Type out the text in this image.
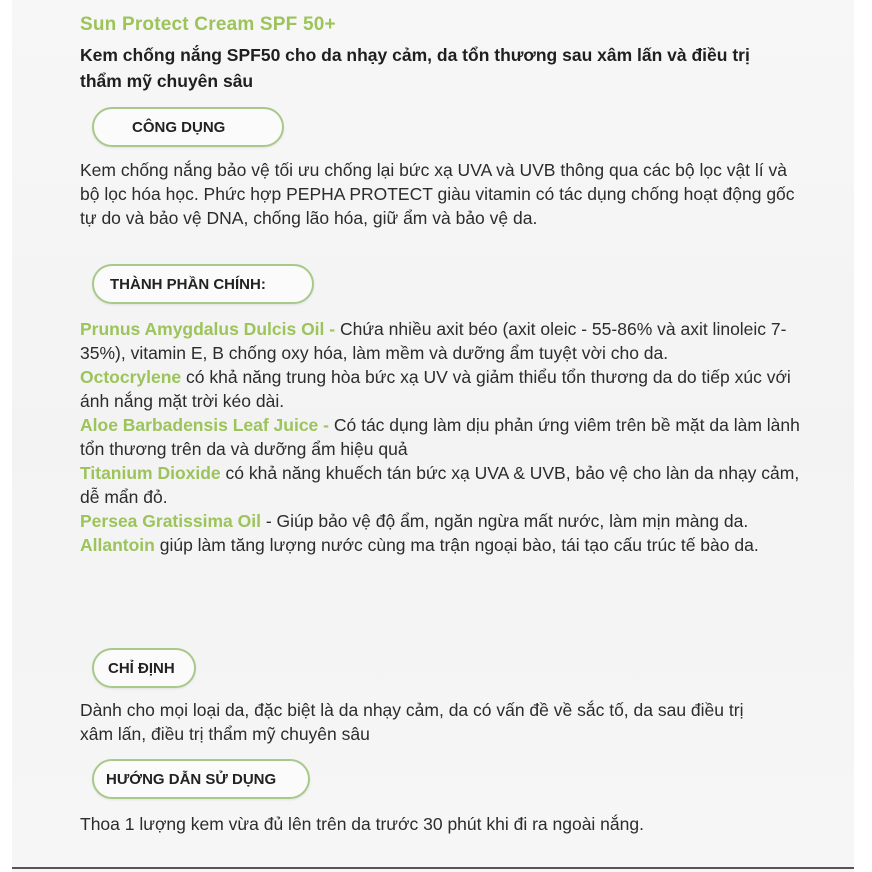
Sun Protect Cream SPF 50+
Kem chống nắng SPF50 cho da nhạy cảm, da tổn thương sau xâm lấn và điều trị thẩm mỹ chuyên sâu
CÔNG DỤNG
Kem chống nắng bảo vệ tối ưu chống lại bức xạ UVA và UVB thông qua các bộ lọc vật lí và bộ lọc hóa học. Phức hợp PEPHA PROTECT giàu vitamin có tác dụng chống hoạt động gốc tự do và bảo vệ DNA, chống lão hóa, giữ ẩm và bảo vệ da.
THÀNH PHẦN CHÍNH:

Prunus Amygdalus Dulcis Oil - Chứa nhiều axit béo (axit oleic - 55-86% và axit linoleic 7-35%), vitamin E, B chống oxy hóa, làm mềm và dưỡng ẩm tuyệt vời cho da.

Octocrylene có khả năng trung hòa bức xạ UV và giảm thiểu tổn thương da do tiếp xúc với ánh nắng mặt trời kéo dài.

Aloe Barbadensis Leaf Juice - Có tác dụng làm dịu phản ứng viêm trên bề mặt da làm lành tổn thương trên da và dưỡng ẩm hiệu quả

Titanium Dioxide có khả năng khuếch tán bức xạ UVA & UVB, bảo vệ cho làn da nhạy cảm, dễ mẩn đỏ.

Persea Gratissima Oil - Giúp bảo vệ độ ẩm, ngăn ngừa mất nước, làm mịn màng da.

Allantoin giúp làm tăng lượng nước cùng ma trận ngoại bào, tái tạo cấu trúc tế bào da.

CHỈ ĐỊNH
Dành cho mọi loại da, đặc biệt là da nhạy cảm, da có vấn đề về sắc tố, da sau điều trị xâm lấn, điều trị thẩm mỹ chuyên sâu
HƯỚNG DẪN SỬ DỤNG
Thoa 1 lượng kem vừa đủ lên trên da trước 30 phút khi đi ra ngoài nắng.
